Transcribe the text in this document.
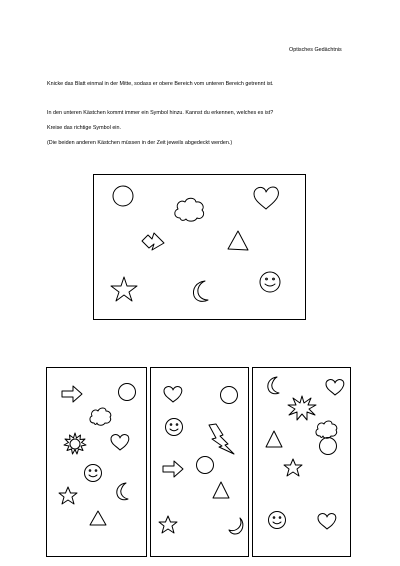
Optisches Gedächtnis
Knicke das Blatt einmal in der Mitte, sodass er obere Bereich vom unteren Bereich getrennt ist.
In den unteren Kästchen kommt immer ein Symbol hinzu. Kannst du erkennen, welches es ist?
Kreise das richtige Symbol ein.
(Die beiden anderen Kästchen müssen in der Zeit jeweils abgedeckt werden.)
